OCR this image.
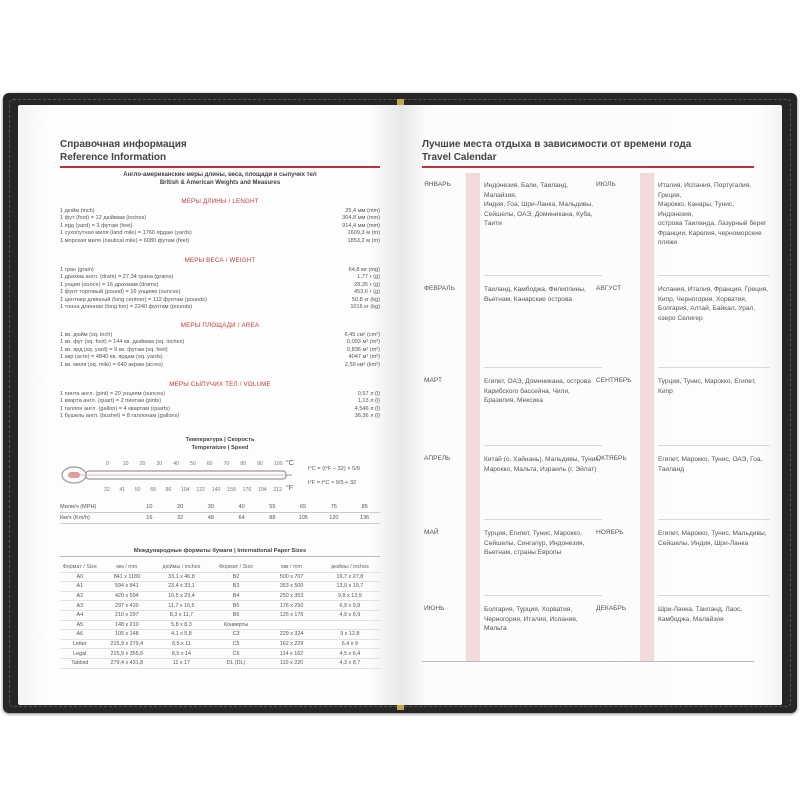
Справочная информация
Reference Information
Англо-американские меры длины, веса, площади и сыпучих тел
British & American Weights and Measures
МЕРЫ ДЛИНЫ / LENGHT
1 дюйм (inch)	25,4 мм (mm)
1 фут (foot) = 12 дюймам (inches)	304,8 мм (mm)
1 ярд (yard) = 3 футам (feet)	914,4 мм (mm)
1 сухопутная миля (land mile) = 1760 ярдам (yards)	1609,3 м (m)
1 морская миля (nautical mile) = 6080 футам (feet)	1853,2 м (m)
МЕРЫ ВЕСА / WEIGHT
1 гран (grain)	64,8 мг (mg)
1 драхма англ. (dram) = 27,34 грана (grains)	1,77 г (g)
1 унция (ounce) = 16 драхмам (drams)	28,35 г (g)
1 фунт торговый (pound) = 16 унциям (ounces)	453,6 г (g)
1 центнер длинный (long centner) = 112 фунтам (pounds)	50,8 кг (kg)
1 тонна длинная (long ton) = 2240 фунтам (pounds)	1016 кг (kg)
МЕРЫ ПЛОЩАДИ / AREA
1 кв. дюйм (sq. inch)	6,45 см² (cm²)
1 кв. фут (sq. foot) = 144 кв. дюймам (sq. inches)	0,093 м² (m²)
1 кв. ярд (sq. yard) = 9 кв. футам (sq. feet)	0,836 м² (m²)
1 акр (acre) = 4840 кв. ярдам (sq. yards)	4047 м² (m²)
1 кв. миля (sq. mile) = 640 акрам (acres)	2,59 км² (km²)
МЕРЫ СЫПУЧИХ ТЕЛ / VOLUME
1 пинта англ. (pint) = 20 унциям (ounces)	0,57 л (l)
1 кварта англ. (quart) = 2 пинтам (pints)	1,13 л (l)
1 галлон англ. (gallon) = 4 квартам (quarts)	4,546 л (l)
1 бушель англ. (bushel) = 8 галлонам (gallons)	36,36 л (l)
Температура | Скорость
Temperature | Speed
0	10 20 30 40 50 60 70 80 90 100
32 41 50 68 86 104 122 140 158 176 194 212
°C
°F
t°C = (t°F − 32) × 5/9
t°F = t°C × 9/5 + 32
Мили/ч (MPH)	10	20	30	40	55	65	75	85
Км/ч (Km/h)	16	32	48	64	88	105	120	136
Международные форматы бумаги | International Paper Sizes
Формат / Size	мм / mm	дюймы / inches	Формат / Size	мм / mm	дюймы / inches
A0	841 x 1189	33,1 x 46,8	B2	500 x 707	19,7 x 27,8
A1	594 x 841	23,4 x 33,1	B3	353 x 500	13,9 x 19,7
A2	420 x 594	16,5 x 23,4	B4	250 x 353	9,8 x 13,9
A3	297 x 420	11,7 x 16,5	B5	176 x 250	6,9 x 9,8
A4	210 x 297	8,3 x 11,7	B6	125 x 176	4,9 x 6,9
A5	148 x 210	5,8 x 8,3	Конверты
A6	105 x 148	4,1 x 5,8	C3	229 x 324	9 x 12,8
Letter	215,9 x 279,4	8,5 x 11	C5	162 x 229	6,4 x 9
Legal	215,9 x 355,6	8,5 x 14	C6	114 x 162	4,5 x 6,4
Tabloid	279,4 x 431,8	11 x 17	DL (DL)	110 x 220	4,3 x 8,7
Лучшие места отдыха в зависимости от времени года
Travel Calendar
ЯНВАРЬ	Индонезия, Бали, Таиланд, Малайзия,
Индия, Гоа, Шри-Ланка, Мальдивы,
Сейшелы, ОАЭ, Доминикана, Куба,
Таити
ФЕВРАЛЬ	Таиланд, Камбоджа, Филиппины,
Вьетнам, Канарские острова
МАРТ	Египет, ОАЭ, Доминикана, острова
Карибского бассейна, Чили,
Бразилия, Мексика
АПРЕЛЬ	Китай (о. Хайнань), Мальдивы, Тунис,
Марокко, Мальта, Израиль (г. Эйлат)
МАЙ	Турция, Египет, Тунис, Марокко,
Сейшелы, Сингапур, Индонезия,
Вьетнам, страны Европы
ИЮНЬ	Болгария, Турция, Хорватия,
Черногория, Италия, Испания, Мальта
ИЮЛЬ	Италия, Испания, Португалия, Греция,
Марокко, Канары, Тунис, Индонезия,
острова Таиланда, Лазурный берег
Франции, Карелия, черноморские
пляжи
АВГУСТ	Испания, Италия, Франция, Греция,
Кипр, Черногория, Хорватия,
Болгария, Алтай, Байкал, Урал,
озеро Селигер
СЕНТЯБРЬ	Турция, Тунис, Марокко, Египет,
Кипр
ОКТЯБРЬ	Египет, Марокко, Тунис, ОАЭ, Гоа,
Таиланд
НОЯБРЬ	Египет, Марокко, Тунис, Мальдивы,
Сейшелы, Индия, Шри-Ланка
ДЕКАБРЬ	Шри-Ланка, Таиланд, Лаос,
Камбоджа, Малайзия
